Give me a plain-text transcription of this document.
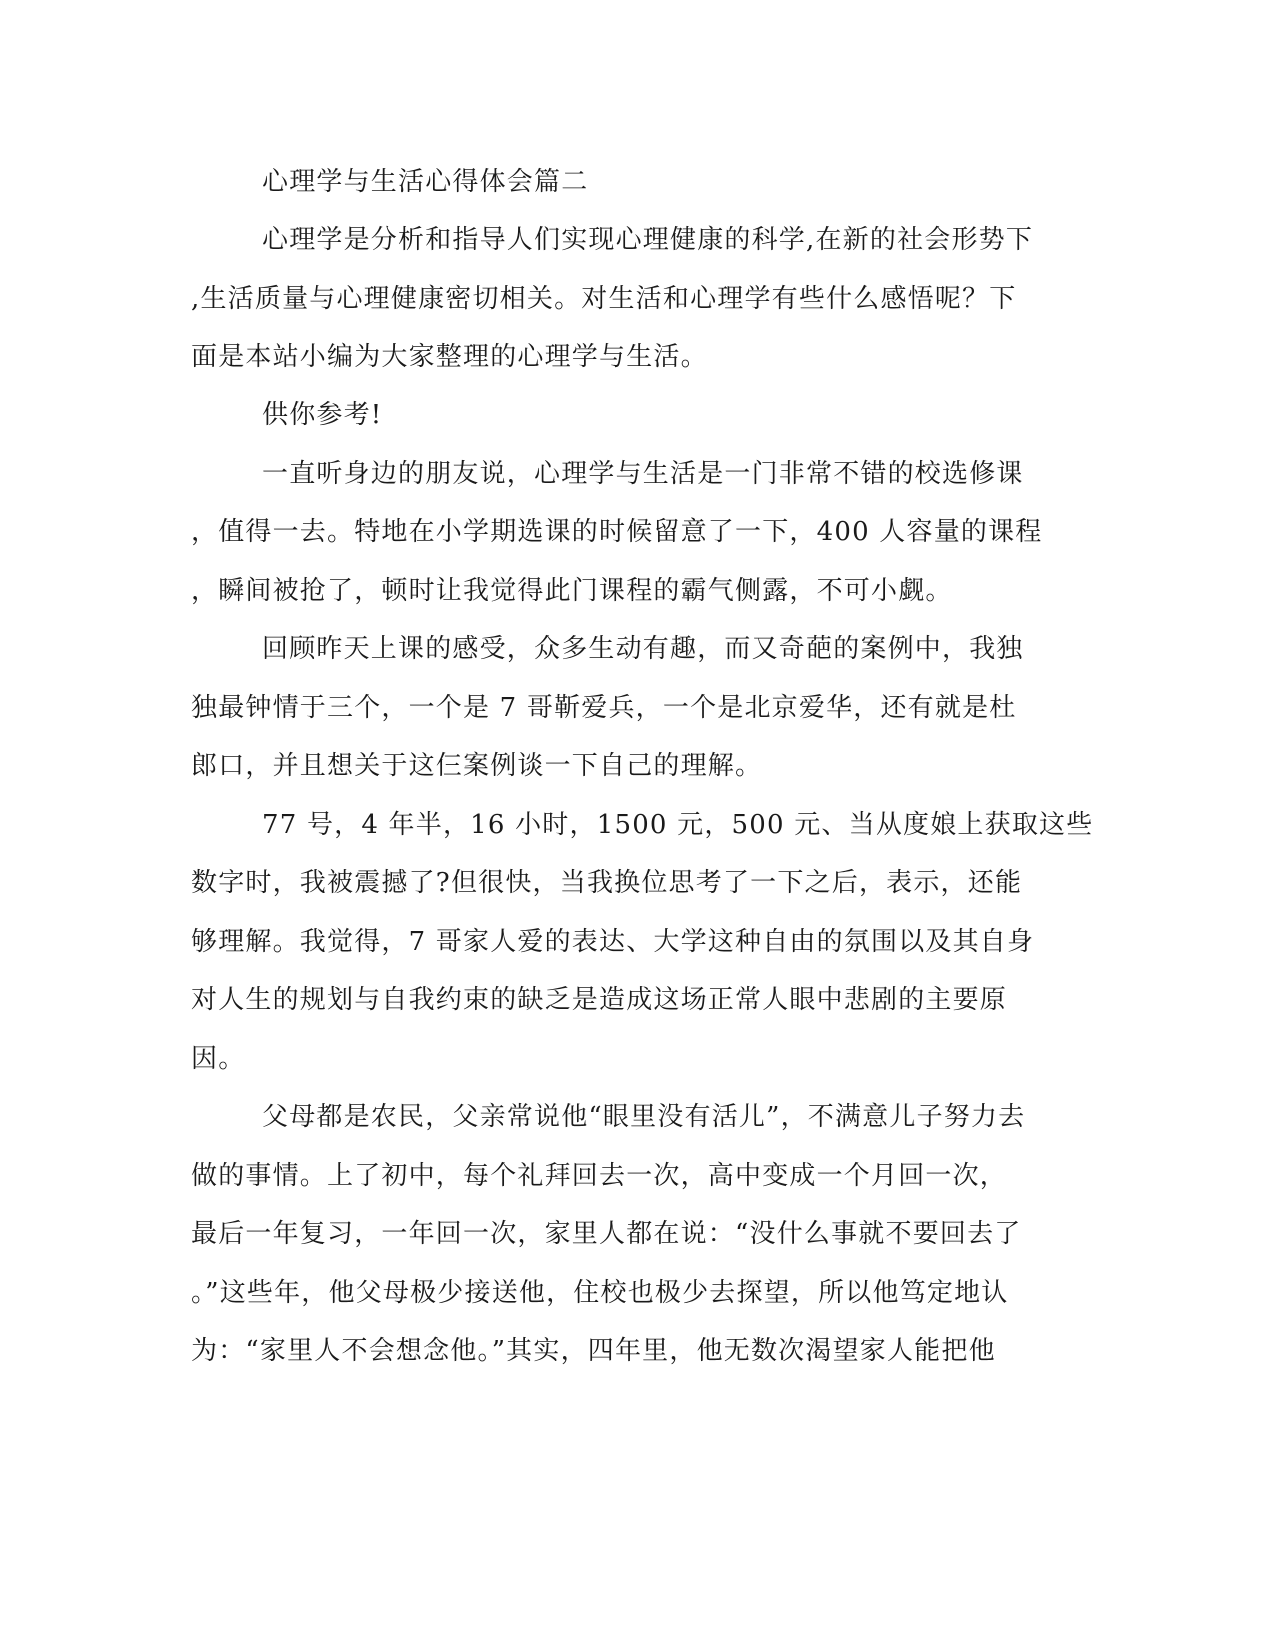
心理学与生活心得体会篇二
心理学是分析和指导人们实现心理健康的科学,在新的社会形势下
,生活质量与心理健康密切相关。对生活和心理学有些什么感悟呢？下
面是本站小编为大家整理的心理学与生活。
供你参考!
一直听身边的朋友说，心理学与生活是一门非常不错的校选修课
，值得一去。特地在小学期选课的时候留意了一下，400 人容量的课程
，瞬间被抢了，顿时让我觉得此门课程的霸气侧露，不可小觑。
回顾昨天上课的感受，众多生动有趣，而又奇葩的案例中，我独
独最钟情于三个，一个是 7 哥靳爱兵，一个是北京爱华，还有就是杜
郎口，并且想关于这仨案例谈一下自己的理解。
77 号，4 年半，16 小时，1500 元，500 元、当从度娘上获取这些
数字时，我被震撼了?但很快，当我换位思考了一下之后，表示，还能
够理解。我觉得，7 哥家人爱的表达、大学这种自由的氛围以及其自身
对人生的规划与自我约束的缺乏是造成这场正常人眼中悲剧的主要原
因。
父母都是农民，父亲常说他“眼里没有活儿”，不满意儿子努力去
做的事情。上了初中，每个礼拜回去一次，高中变成一个月回一次，
最后一年复习，一年回一次，家里人都在说：“没什么事就不要回去了
。”这些年，他父母极少接送他，住校也极少去探望，所以他笃定地认
为：“家里人不会想念他。”其实，四年里，他无数次渴望家人能把他
